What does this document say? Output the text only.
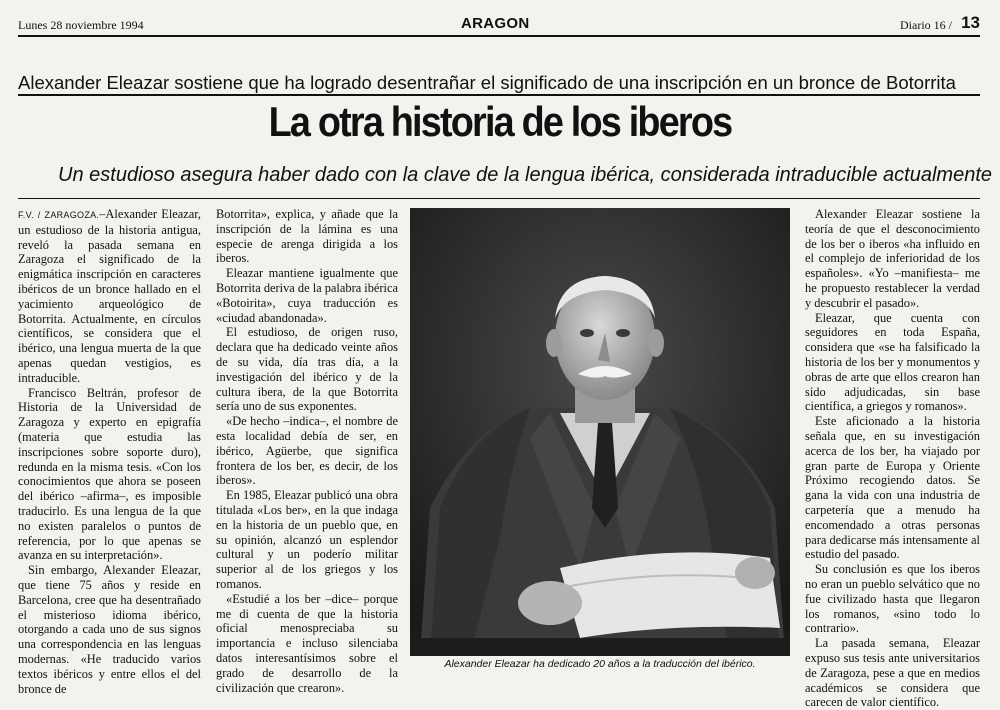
Lunes 28 noviembre 1994	ARAGON	Diario 16 / 13
Alexander Eleazar sostiene que ha logrado desentrañar el significado de una inscripción en un bronce de Botorrita
La otra historia de los iberos
Un estudioso asegura haber dado con la clave de la lengua ibérica, considerada intraducible actualmente

F.V. / ZARAGOZA.–Alexander Eleazar, un estudioso de la historia antigua, reveló la pasada semana en Zaragoza el significado de la enigmática inscripción en caracteres ibéricos de un bronce hallado en el yacimiento arqueológico de Botorrita. Actualmente, en círculos científicos, se considera que el ibérico, una lengua muerta de la que apenas quedan vestigios, es intraducible.

Francisco Beltrán, profesor de Historia de la Universidad de Zaragoza y experto en epigrafía (materia que estudia las inscripciones sobre soporte duro), redunda en la misma tesis. «Con los conocimientos que ahora se poseen del ibérico –afirma–, es imposible traducirlo. Es una lengua de la que no existen paralelos o puntos de referencia, por lo que apenas se avanza en su interpretación».

Sin embargo, Alexander Eleazar, que tiene 75 años y reside en Barcelona, cree que ha desentrañado el misterioso idioma ibérico, otorgando a cada uno de sus signos una correspondencia en las lenguas modernas. «He traducido varios textos ibéricos y entre ellos el del bronce de

Botorrita», explica, y añade que la inscripción de la lámina es una especie de arenga dirigida a los iberos.

Eleazar mantiene igualmente que Botorrita deriva de la palabra ibérica «Botoirita», cuya traducción es «ciudad abandonada».

El estudioso, de origen ruso, declara que ha dedicado veinte años de su vida, día tras día, a la investigación del ibérico y de la cultura ibera, de la que Botorrita sería uno de sus exponentes.

«De hecho –indica–, el nombre de esta localidad debía de ser, en ibérico, Agüerbe, que significa frontera de los ber, es decir, de los iberos».

En 1985, Eleazar publicó una obra titulada «Los ber», en la que indaga en la historia de un pueblo que, en su opinión, alcanzó un esplendor cultural y un poderío militar superior al de los griegos y los romanos.

«Estudié a los ber –dice– porque me di cuenta de que la historia oficial menospreciaba su importancia e incluso silenciaba datos interesantísimos sobre el grado de desarrollo de la civilización que crearon».

Alexander Eleazar ha dedicado 20 años a la traducción del ibérico.

Alexander Eleazar sostiene la teoría de que el desconocimiento de los ber o iberos «ha influido en el complejo de inferioridad de los españoles». «Yo –manifiesta– me he propuesto restablecer la verdad y descubrir el pasado».

Eleazar, que cuenta con seguidores en toda España, considera que «se ha falsificado la historia de los ber y monumentos y obras de arte que ellos crearon han sido adjudicadas, sin base científica, a griegos y romanos».

Este aficionado a la historia señala que, en su investigación acerca de los ber, ha viajado por gran parte de Europa y Oriente Próximo recogiendo datos. Se gana la vida con una industria de carpetería que a menudo ha encomendado a otras personas para dedicarse más intensamente al estudio del pasado.

Su conclusión es que los iberos no eran un pueblo selvático que no fue civilizado hasta que llegaron los romanos, «sino todo lo contrario».

La pasada semana, Eleazar expuso sus tesis ante universitarios de Zaragoza, pese a que en medios académicos se considera que carecen de valor científico.
